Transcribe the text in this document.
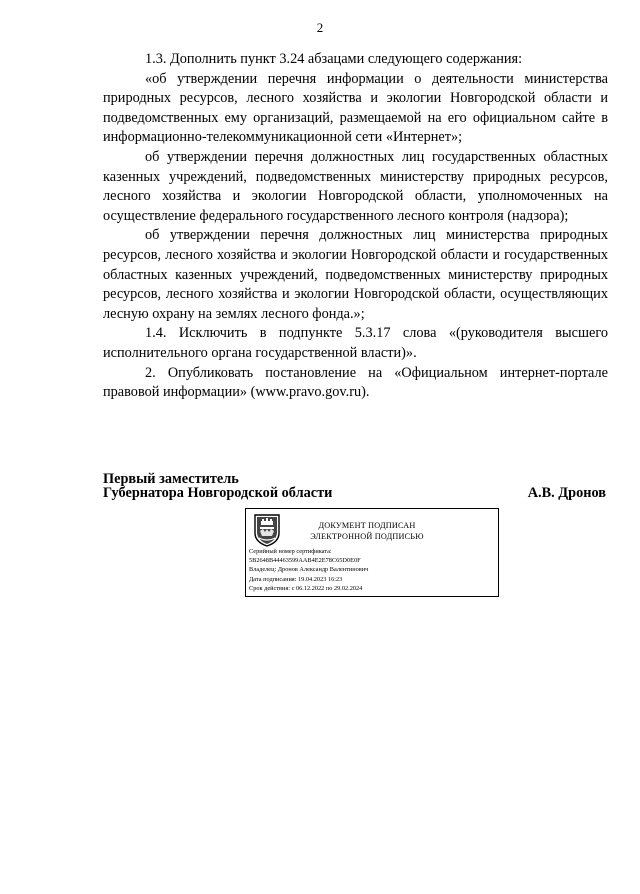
2

1.3. Дополнить пункт 3.24 абзацами следующего содержания:

«об утверждении перечня информации о деятельности министерства природных ресурсов, лесного хозяйства и экологии Новгородской области и подведомственных ему организаций, размещаемой на его официальном сайте в информационно-телекоммуникационной сети «Интернет»;

об утверждении перечня должностных лиц государственных областных казенных учреждений, подведомственных министерству природных ресурсов, лесного хозяйства и экологии Новгородской области, уполномоченных на осуществление федерального государственного лесного контроля (надзора);

об утверждении перечня должностных лиц министерства природных ресурсов, лесного хозяйства и экологии Новгородской области и государственных областных казенных учреждений, подведомственных министерству природных ресурсов, лесного хозяйства и экологии Новгородской области, осуществляющих лесную охрану на землях лесного фонда.»;

1.4. Исключить в подпункте 5.3.17 слова «(руководителя высшего исполнительного органа государственной власти)».

2. Опубликовать постановление на «Официальном интернет-портале правовой информации» (www.pravo.gov.ru).

Первый заместитель
Губернатора Новгородской области	А.В. Дронов
ДОКУМЕНТ ПОДПИСАН
ЭЛЕКТРОННОЙ ПОДПИСЬЮ
Серийный номер сертификата:
5B2648B44463599AAB4E2E78C65D0E0F
Владелец: Дронов Александр Валентинович
Дата подписания: 19.04.2023 16:23
Срок действия: с 06.12.2022 по 29.02.2024
